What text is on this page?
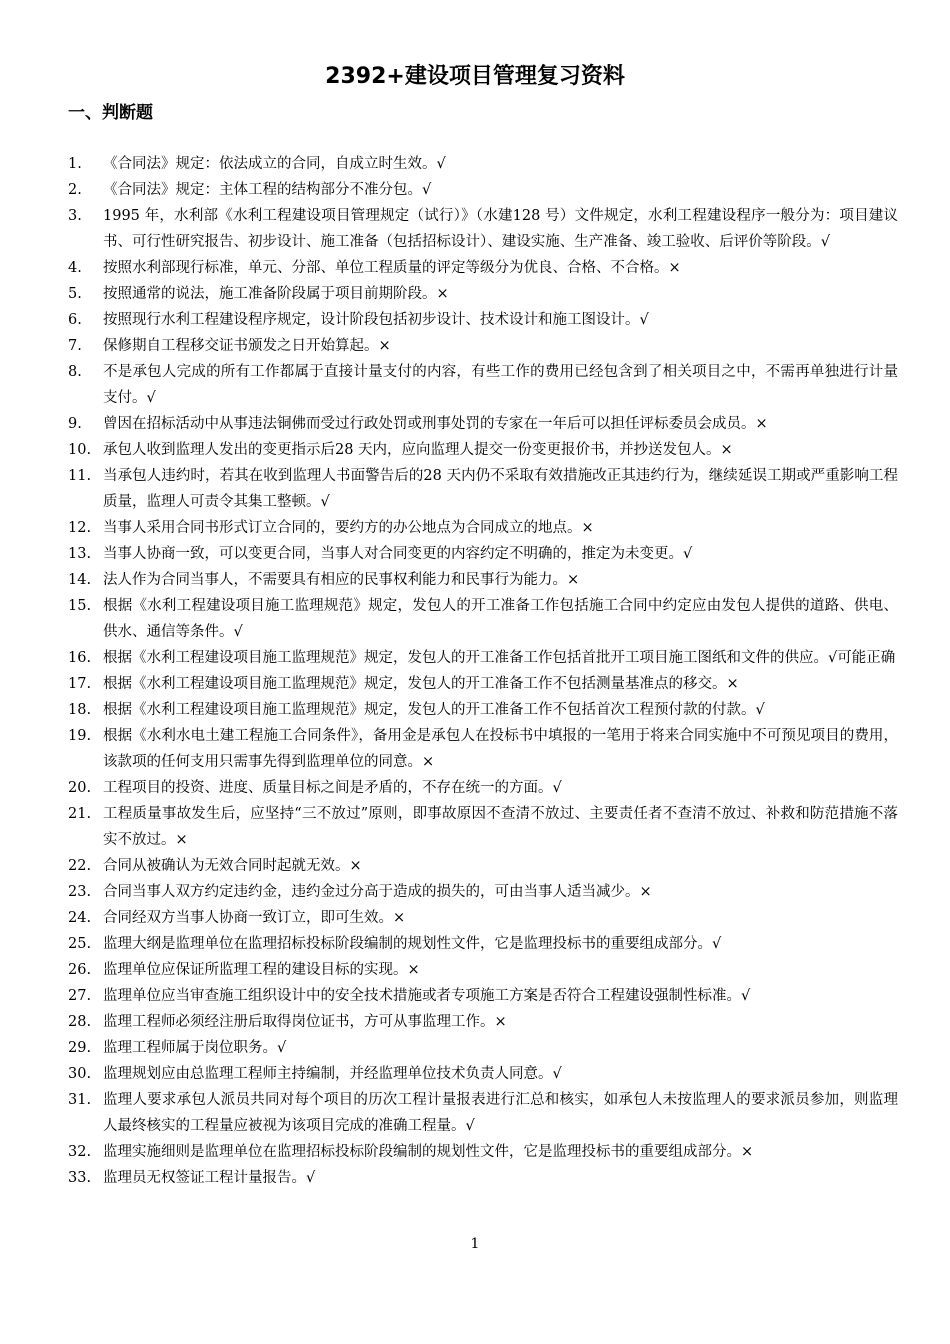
2392+建设项目管理复习资料
一、判断题
1.	《合同法》规定：依法成立的合同，自成立时生效。√
2.	《合同法》规定：主体工程的结构部分不准分包。√
3.	1995 年，水利部《水利工程建设项目管理规定（试行）》（水建128 号）文件规定，水利工程建设程序一般分为：项目建议书、可行性研究报告、初步设计、施工准备（包括招标设计）、建设实施、生产准备、竣工验收、后评价等阶段。√
4.	按照水利部现行标准，单元、分部、单位工程质量的评定等级分为优良、合格、不合格。×
5.	按照通常的说法，施工准备阶段属于项目前期阶段。×
6.	按照现行水利工程建设程序规定，设计阶段包括初步设计、技术设计和施工图设计。√
7.	保修期自工程移交证书颁发之日开始算起。×
8.	不是承包人完成的所有工作都属于直接计量支付的内容，有些工作的费用已经包含到了相关项目之中，不需再单独进行计量支付。√
9.	曾因在招标活动中从事违法铜佛而受过行政处罚或刑事处罚的专家在一年后可以担任评标委员会成员。×
10. 承包人收到监理人发出的变更指示后28 天内，应向监理人提交一份变更报价书，并抄送发包人。×
11. 当承包人违约时，若其在收到监理人书面警告后的28 天内仍不采取有效措施改正其违约行为，继续延误工期或严重影响工程质量，监理人可责令其集工整顿。√
12. 当事人采用合同书形式订立合同的，要约方的办公地点为合同成立的地点。×
13. 当事人协商一致，可以变更合同，当事人对合同变更的内容约定不明确的，推定为未变更。√
14. 法人作为合同当事人，不需要具有相应的民事权利能力和民事行为能力。×
15. 根据《水利工程建设项目施工监理规范》规定，发包人的开工准备工作包括施工合同中约定应由发包人提供的道路、供电、供水、通信等条件。√
16. 根据《水利工程建设项目施工监理规范》规定，发包人的开工准备工作包括首批开工项目施工图纸和文件的供应。√可能正确
17. 根据《水利工程建设项目施工监理规范》规定，发包人的开工准备工作不包括测量基准点的移交。×
18. 根据《水利工程建设项目施工监理规范》规定，发包人的开工准备工作不包括首次工程预付款的付款。√
19. 根据《水利水电土建工程施工合同条件》，备用金是承包人在投标书中填报的一笔用于将来合同实施中不可预见项目的费用，该款项的任何支用只需事先得到监理单位的同意。×
20. 工程项目的投资、进度、质量目标之间是矛盾的，不存在统一的方面。√
21. 工程质量事故发生后，应坚持“三不放过”原则，即事故原因不查清不放过、主要责任者不查清不放过、补救和防范措施不落实不放过。×
22. 合同从被确认为无效合同时起就无效。×
23. 合同当事人双方约定违约金，违约金过分高于造成的损失的，可由当事人适当减少。×
24. 合同经双方当事人协商一致订立，即可生效。×
25. 监理大纲是监理单位在监理招标投标阶段编制的规划性文件，它是监理投标书的重要组成部分。√
26. 监理单位应保证所监理工程的建设目标的实现。×
27. 监理单位应当审查施工组织设计中的安全技术措施或者专项施工方案是否符合工程建设强制性标准。√
28. 监理工程师必须经注册后取得岗位证书，方可从事监理工作。×
29. 监理工程师属于岗位职务。√
30. 监理规划应由总监理工程师主持编制，并经监理单位技术负责人同意。√
31. 监理人要求承包人派员共同对每个项目的历次工程计量报表进行汇总和核实，如承包人未按监理人的要求派员参加，则监理人最终核实的工程量应被视为该项目完成的准确工程量。√
32. 监理实施细则是监理单位在监理招标投标阶段编制的规划性文件，它是监理投标书的重要组成部分。×
33. 监理员无权签证工程计量报告。√
1
